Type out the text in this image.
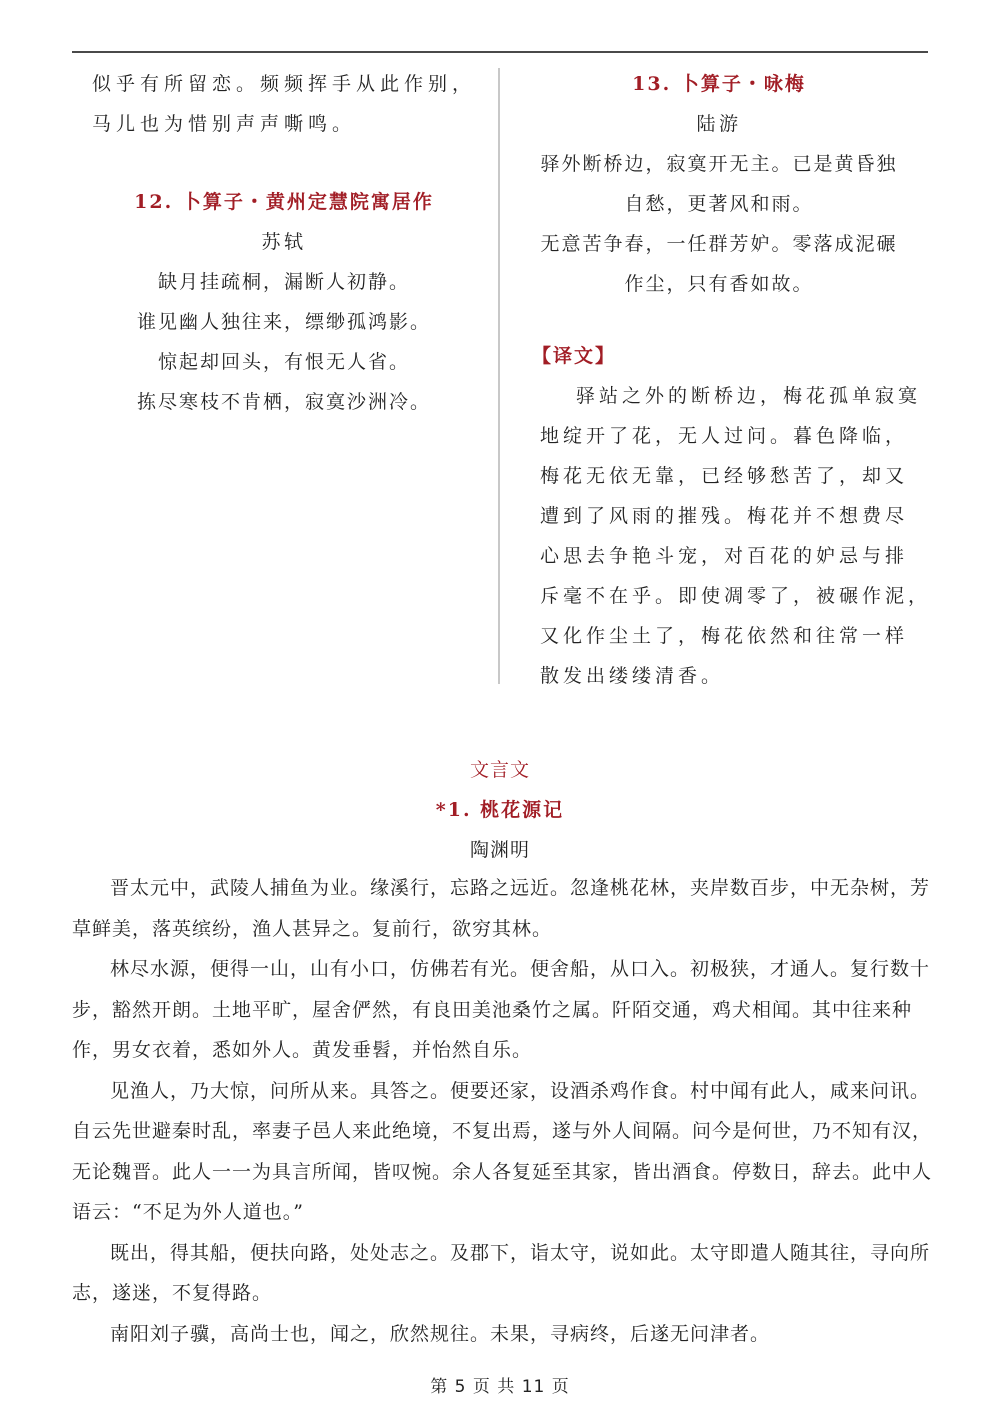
似乎有所留恋。频频挥手从此作别，
马儿也为惜别声声嘶鸣。
12. 卜算子・黄州定慧院寓居作
苏轼
缺月挂疏桐，漏断人初静。
谁见幽人独往来，缥缈孤鸿影。
惊起却回头，有恨无人省。
拣尽寒枝不肯栖，寂寞沙洲冷。
13. 卜算子・咏梅
陆游
驿外断桥边，寂寞开无主。已是黄昏独
自愁，更著风和雨。
无意苦争春，一任群芳妒。零落成泥碾
作尘，只有香如故。
【译文】
驿站之外的断桥边，梅花孤单寂寞
地绽开了花，无人过问。暮色降临，
梅花无依无靠，已经够愁苦了，却又
遭到了风雨的摧残。梅花并不想费尽
心思去争艳斗宠，对百花的妒忌与排
斥毫不在乎。即使凋零了，被碾作泥，
又化作尘土了，梅花依然和往常一样
散发出缕缕清香。
文言文
*1. 桃花源记
陶渊明

晋太元中，武陵人捕鱼为业。缘溪行，忘路之远近。忽逢桃花林，夹岸数百步，中无杂树，芳草鲜美，落英缤纷，渔人甚异之。复前行，欲穷其林。

林尽水源，便得一山，山有小口，仿佛若有光。便舍船，从口入。初极狭，才通人。复行数十步，豁然开朗。土地平旷，屋舍俨然，有良田美池桑竹之属。阡陌交通，鸡犬相闻。其中往来种作，男女衣着，悉如外人。黄发垂髫，并怡然自乐。

见渔人，乃大惊，问所从来。具答之。便要还家，设酒杀鸡作食。村中闻有此人，咸来问讯。自云先世避秦时乱，率妻子邑人来此绝境，不复出焉，遂与外人间隔。问今是何世，乃不知有汉，无论魏晋。此人一一为具言所闻，皆叹惋。余人各复延至其家，皆出酒食。停数日，辞去。此中人语云：“不足为外人道也。”

既出，得其船，便扶向路，处处志之。及郡下，诣太守，说如此。太守即遣人随其往，寻向所志，遂迷，不复得路。

南阳刘子骥，高尚士也，闻之，欣然规往。未果，寻病终，后遂无问津者。

第 5 页 共 11 页
